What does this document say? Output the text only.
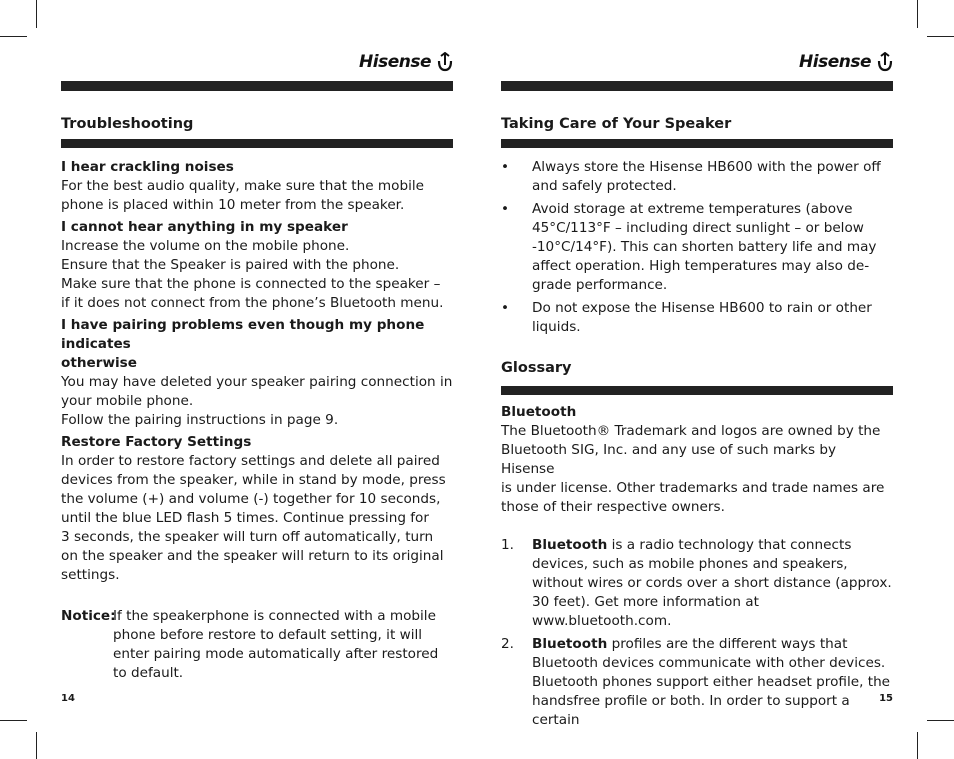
Hisense
Troubleshooting

I hear crackling noises

For the best audio quality, make sure that the mobile

phone is placed within 10 meter from the speaker.

I cannot hear anything in my speaker

Increase the volume on the mobile phone.

Ensure that the Speaker is paired with the phone.

Make sure that the phone is connected to the speaker –

if it does not connect from the phone’s Bluetooth menu.

I have pairing problems even though my phone indicates

otherwise

You may have deleted your speaker pairing connection in

your mobile phone.

Follow the pairing instructions in page 9.

Restore Factory Settings

In order to restore factory settings and delete all paired

devices from the speaker, while in stand by mode, press

the volume (+) and volume (-) together for 10 seconds,

until the blue LED flash 5 times. Continue pressing for

3 seconds, the speaker will turn off automatically, turn

on the speaker and the speaker will return to its original

settings.

Notice:

If the speakerphone is connected with a mobile

phone before restore to default setting, it will

enter pairing mode automatically after restored

to default.

14
Hisense
Taking Care of Your Speaker
•	Always store the Hisense HB600 with the power off

and safely protected.

•	Avoid storage at extreme temperatures (above

45°C/113°F – including direct sunlight – or below

-10°C/14°F). This can shorten battery life and may

affect operation. High temperatures may also de-

grade performance.

•	Do not expose the Hisense HB600 to rain or other

liquids.

Glossary

Bluetooth

The Bluetooth® Trademark and logos are owned by the

Bluetooth SIG, Inc. and any use of such marks by Hisense

is under license. Other trademarks and trade names are

those of their respective owners.

1.	Bluetooth is a radio technology that connects

devices, such as mobile phones and speakers,

without wires or cords over a short distance (approx.

30 feet). Get more information at www.bluetooth.com.

2.	Bluetooth profiles are the different ways that

Bluetooth devices communicate with other devices.

Bluetooth phones support either headset profile, the

handsfree profile or both. In order to support a certain

15
